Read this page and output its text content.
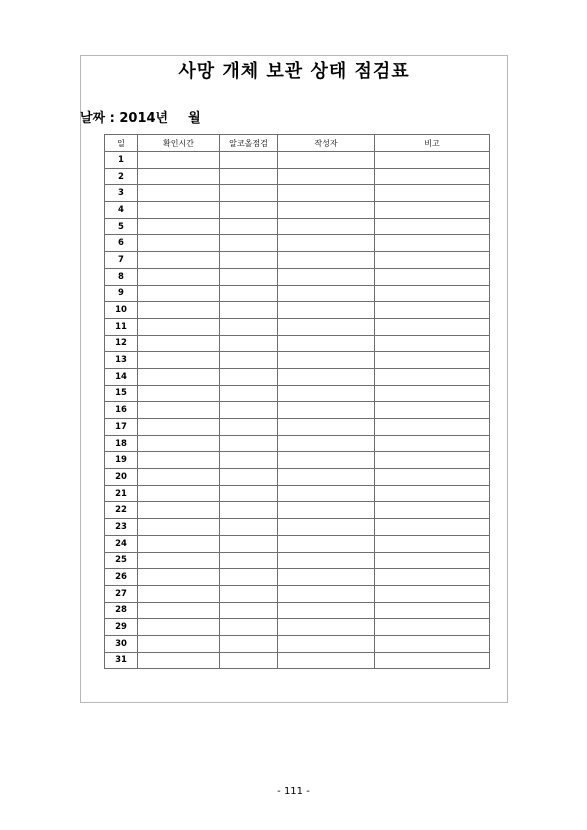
사망 개체 보관 상태 점검표
날짜 : 2014년 월
일	확인시간	알코올점검	작성자	비고
1				
2				
3				
4				
5				
6				
7				
8				
9				
10				
11				
12				
13				
14				
15				
16				
17				
18				
19				
20				
21				
22				
23				
24				
25				
26				
27				
28				
29				
30				
31				
- 111 -
